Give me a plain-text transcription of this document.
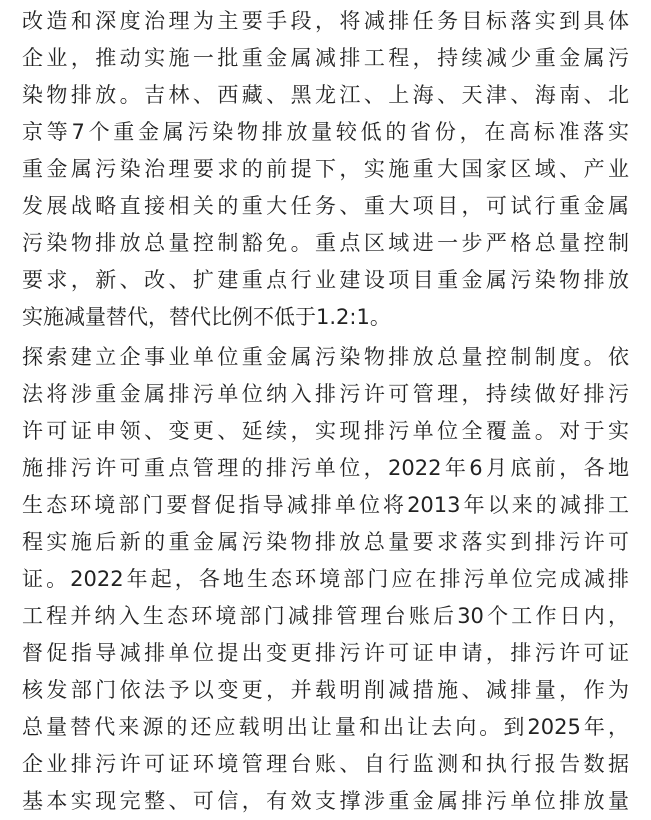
改造和深度治理为主要手段，将减排任务目标落实到具体
企业，推动实施一批重金属减排工程，持续减少重金属污
染物排放。吉林、西藏、黑龙江、上海、天津、海南、北
京等7个重金属污染物排放量较低的省份，在高标准落实
重金属污染治理要求的前提下，实施重大国家区域、产业
发展战略直接相关的重大任务、重大项目，可试行重金属
污染物排放总量控制豁免。重点区域进一步严格总量控制
要求，新、改、扩建重点行业建设项目重金属污染物排放
实施减量替代，替代比例不低于1.2:1。
探索建立企事业单位重金属污染物排放总量控制制度。依
法将涉重金属排污单位纳入排污许可管理，持续做好排污
许可证申领、变更、延续，实现排污单位全覆盖。对于实
施排污许可重点管理的排污单位，2022年6月底前，各地
生态环境部门要督促指导减排单位将2013年以来的减排工
程实施后新的重金属污染物排放总量要求落实到排污许可
证。2022年起，各地生态环境部门应在排污单位完成减排
工程并纳入生态环境部门减排管理台账后30个工作日内，
督促指导减排单位提出变更排污许可证申请，排污许可证
核发部门依法予以变更，并载明削减措施、减排量，作为
总量替代来源的还应载明出让量和出让去向。到2025年，
企业排污许可证环境管理台账、自行监测和执行报告数据
基本实现完整、可信，有效支撑涉重金属排污单位排放量
